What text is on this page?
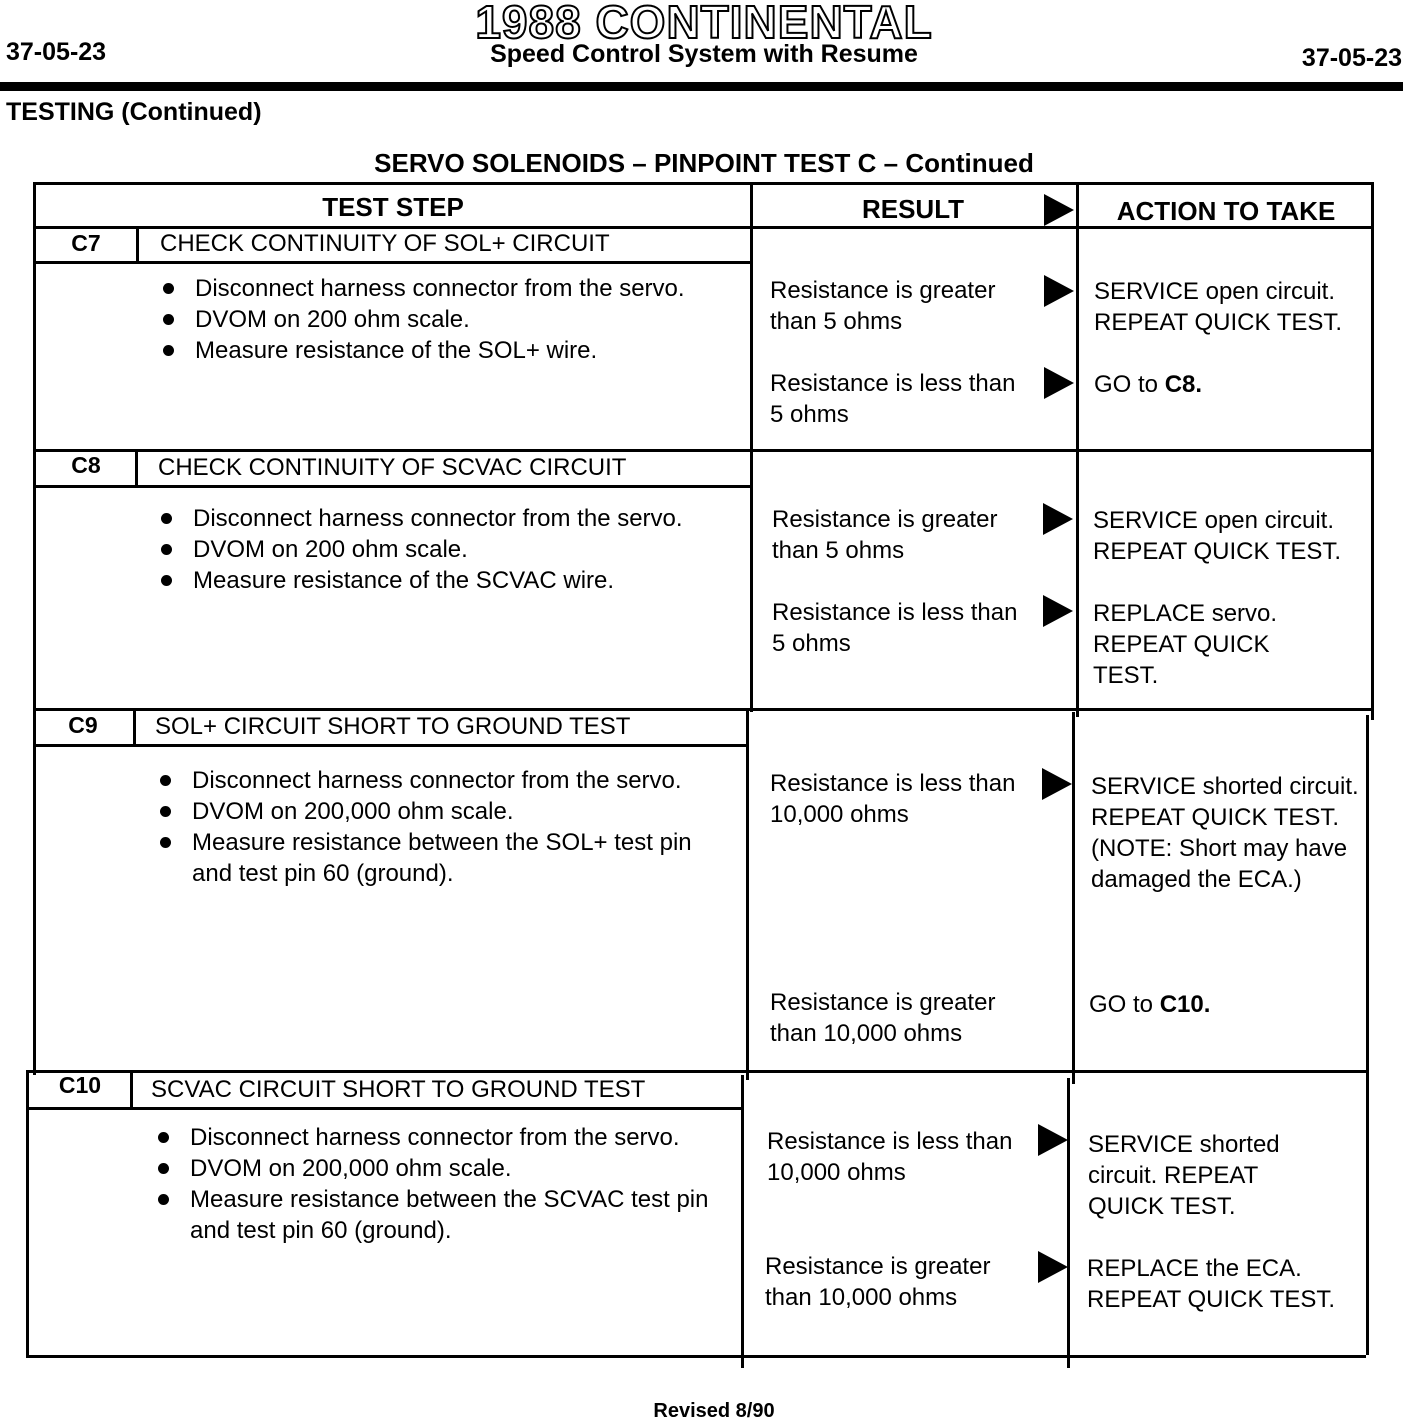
1988 CONTINENTAL
37-05-23	Speed Control System with Resume	37-05-23
TESTING (Continued)
SERVO SOLENOIDS – PINPOINT TEST C – Continued
TEST STEP	RESULT	ACTION TO TAKE
C7	CHECK CONTINUITY OF SOL+ CIRCUIT
Disconnect harness connector from the servo.
DVOM on 200 ohm scale.
Measure resistance of the SOL+ wire.
Resistance is greater than 5 ohms
SERVICE open circuit. REPEAT QUICK TEST.
Resistance is less than 5 ohms
GO to C8.
C8	CHECK CONTINUITY OF SCVAC CIRCUIT
Disconnect harness connector from the servo.
DVOM on 200 ohm scale.
Measure resistance of the SCVAC wire.
Resistance is greater than 5 ohms
SERVICE open circuit. REPEAT QUICK TEST.
Resistance is less than 5 ohms
REPLACE servo. REPEAT QUICK TEST.
C9	SOL+ CIRCUIT SHORT TO GROUND TEST
Disconnect harness connector from the servo.
DVOM on 200,000 ohm scale.
Measure resistance between the SOL+ test pin and test pin 60 (ground).
Resistance is less than 10,000 ohms
SERVICE shorted circuit. REPEAT QUICK TEST. (NOTE: Short may have damaged the ECA.)
Resistance is greater than 10,000 ohms
GO to C10.
C10	SCVAC CIRCUIT SHORT TO GROUND TEST
Disconnect harness connector from the servo.
DVOM on 200,000 ohm scale.
Measure resistance between the SCVAC test pin and test pin 60 (ground).
Resistance is less than 10,000 ohms
SERVICE shorted circuit. REPEAT QUICK TEST.
Resistance is greater than 10,000 ohms
REPLACE the ECA. REPEAT QUICK TEST.
Revised 8/90
